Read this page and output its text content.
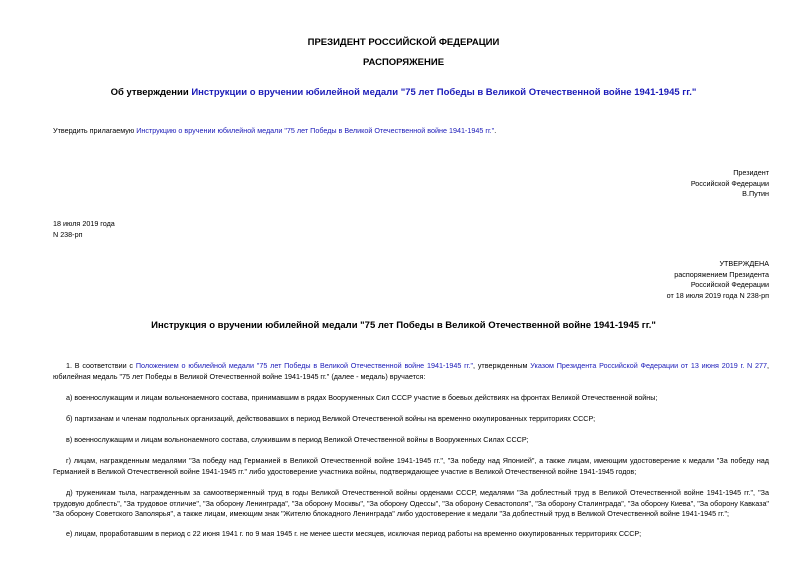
ПРЕЗИДЕНТ РОССИЙСКОЙ ФЕДЕРАЦИИ
РАСПОРЯЖЕНИЕ
Об утверждении Инструкции о вручении юбилейной медали "75 лет Победы в Великой Отечественной войне 1941-1945 гг."
Утвердить прилагаемую Инструкцию о вручении юбилейной медали "75 лет Победы в Великой Отечественной войне 1941-1945 гг.".
Президент
Российской Федерации
В.Путин
18 июля 2019 года
N 238-рп
УТВЕРЖДЕНА
распоряжением Президента
Российской Федерации
от 18 июля 2019 года N 238-рп
Инструкция о вручении юбилейной медали "75 лет Победы в Великой Отечественной войне 1941-1945 гг."
1. В соответствии с Положением о юбилейной медали "75 лет Победы в Великой Отечественной войне 1941-1945 гг.", утвержденным Указом Президента Российской Федерации от 13 июня 2019 г. N 277, юбилейная медаль "75 лет Победы в Великой Отечественной войне 1941-1945 гг." (далее - медаль) вручается:
а) военнослужащим и лицам вольнонаемного состава, принимавшим в рядах Вооруженных Сил СССР участие в боевых действиях на фронтах Великой Отечественной войны;
б) партизанам и членам подпольных организаций, действовавших в период Великой Отечественной войны на временно оккупированных территориях СССР;
в) военнослужащим и лицам вольнонаемного состава, служившим в период Великой Отечественной войны в Вооруженных Силах СССР;
г) лицам, награжденным медалями "За победу над Германией в Великой Отечественной войне 1941-1945 гг.", "За победу над Японией", а также лицам, имеющим удостоверение к медали "За победу над Германией в Великой Отечественной войне 1941-1945 гг." либо удостоверение участника войны, подтверждающее участие в Великой Отечественной войне 1941-1945 годов;
д) труженикам тыла, награжденным за самоотверженный труд в годы Великой Отечественной войны орденами СССР, медалями "За доблестный труд в Великой Отечественной войне 1941-1945 гг.", "За трудовую доблесть", "За трудовое отличие", "За оборону Ленинграда", "За оборону Москвы", "За оборону Одессы", "За оборону Севастополя", "За оборону Сталинграда", "За оборону Киева", "За оборону Кавказа" "За оборону Советского Заполярья", а также лицам, имеющим знак "Жителю блокадного Ленинграда" либо удостоверение к медали "За доблестный труд в Великой Отечественной войне 1941-1945 гг.";
е) лицам, проработавшим в период с 22 июня 1941 г. по 9 мая 1945 г. не менее шести месяцев, исключая период работы на временно оккупированных территориях СССР;
